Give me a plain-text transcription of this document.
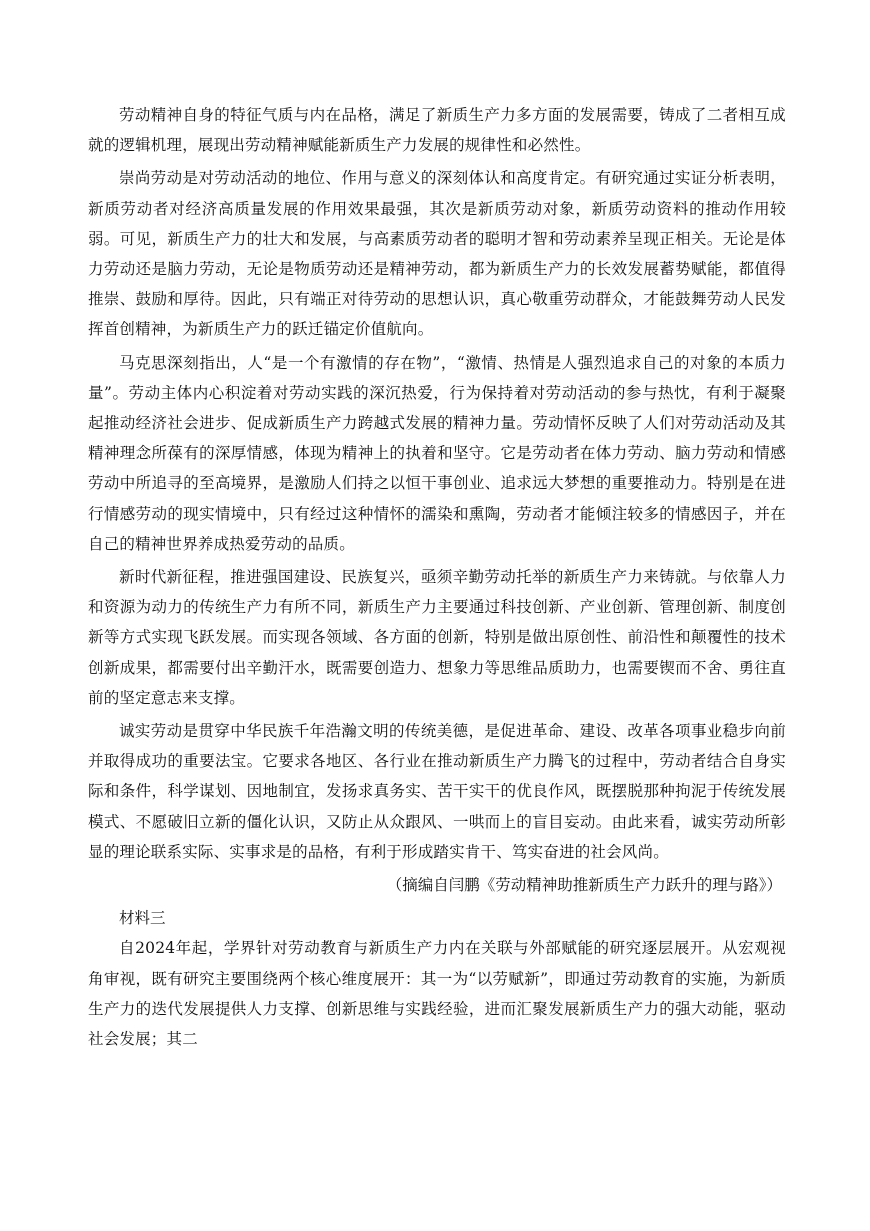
劳动精神自身的特征气质与内在品格，满足了新质生产力多方面的发展需要，铸成了二者相互成就的逻辑机理，展现出劳动精神赋能新质生产力发展的规律性和必然性。

崇尚劳动是对劳动活动的地位、作用与意义的深刻体认和高度肯定。有研究通过实证分析表明，新质劳动者对经济高质量发展的作用效果最强，其次是新质劳动对象，新质劳动资料的推动作用较弱。可见，新质生产力的壮大和发展，与高素质劳动者的聪明才智和劳动素养呈现正相关。无论是体力劳动还是脑力劳动，无论是物质劳动还是精神劳动，都为新质生产力的长效发展蓄势赋能，都值得推崇、鼓励和厚待。因此，只有端正对待劳动的思想认识，真心敬重劳动群众，才能鼓舞劳动人民发挥首创精神，为新质生产力的跃迁锚定价值航向。

马克思深刻指出，人“是一个有激情的存在物”，“激情、热情是人强烈追求自己的对象的本质力量”。劳动主体内心积淀着对劳动实践的深沉热爱，行为保持着对劳动活动的参与热忱，有利于凝聚起推动经济社会进步、促成新质生产力跨越式发展的精神力量。劳动情怀反映了人们对劳动活动及其精神理念所葆有的深厚情感，体现为精神上的执着和坚守。它是劳动者在体力劳动、脑力劳动和情感劳动中所追寻的至高境界，是激励人们持之以恒干事创业、追求远大梦想的重要推动力。特别是在进行情感劳动的现实情境中，只有经过这种情怀的濡染和熏陶，劳动者才能倾注较多的情感因子，并在自己的精神世界养成热爱劳动的品质。

新时代新征程，推进强国建设、民族复兴，亟须辛勤劳动托举的新质生产力来铸就。与依靠人力和资源为动力的传统生产力有所不同，新质生产力主要通过科技创新、产业创新、管理创新、制度创新等方式实现飞跃发展。而实现各领域、各方面的创新，特别是做出原创性、前沿性和颠覆性的技术创新成果，都需要付出辛勤汗水，既需要创造力、想象力等思维品质助力，也需要锲而不舍、勇往直前的坚定意志来支撑。

诚实劳动是贯穿中华民族千年浩瀚文明的传统美德，是促进革命、建设、改革各项事业稳步向前并取得成功的重要法宝。它要求各地区、各行业在推动新质生产力腾飞的过程中，劳动者结合自身实际和条件，科学谋划、因地制宜，发扬求真务实、苦干实干的优良作风，既摆脱那种拘泥于传统发展模式、不愿破旧立新的僵化认识，又防止从众跟风、一哄而上的盲目妄动。由此来看，诚实劳动所彰显的理论联系实际、实事求是的品格，有利于形成踏实肯干、笃实奋进的社会风尚。

（摘编自闫鹏《劳动精神助推新质生产力跃升的理与路》）

材料三

自2024年起，学界针对劳动教育与新质生产力内在关联与外部赋能的研究逐层展开。从宏观视角审视，既有研究主要围绕两个核心维度展开：其一为“以劳赋新”，即通过劳动教育的实施，为新质生产力的迭代发展提供人力支撑、创新思维与实践经验，进而汇聚发展新质生产力的强大动能，驱动社会发展；其二
